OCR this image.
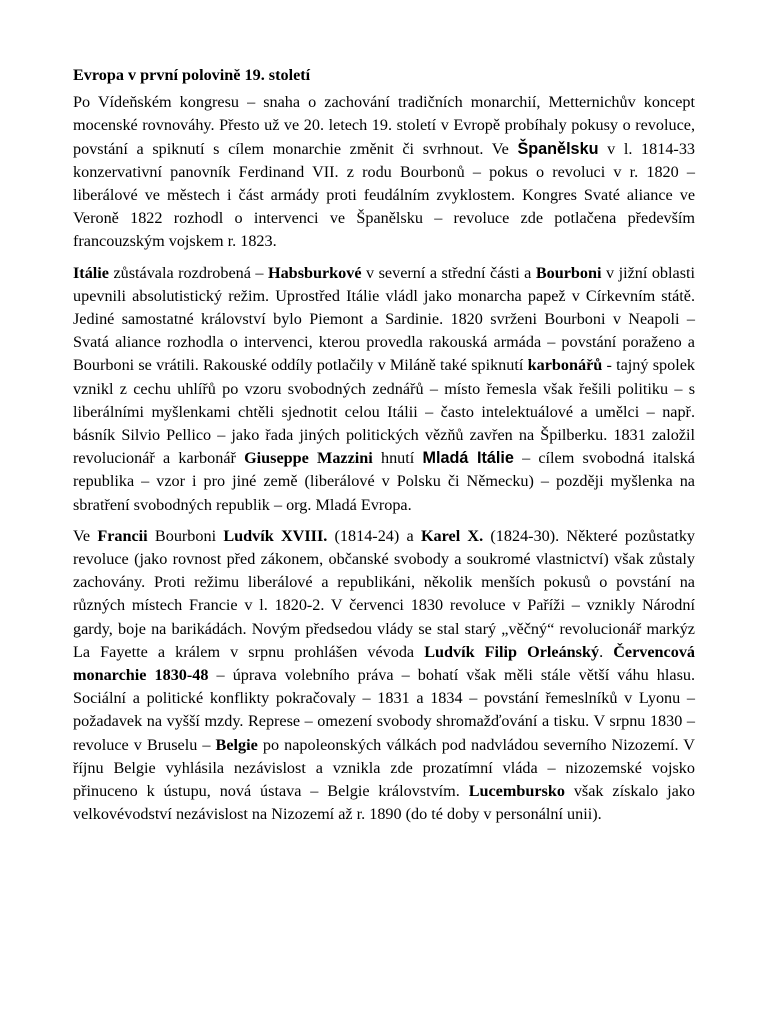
Evropa v první polovině 19. století

Po Vídeňském kongresu – snaha o zachování tradičních monarchií, Metternichův koncept mocenské rovnováhy. Přesto už ve 20. letech 19. století v Evropě probíhaly pokusy o revoluce, povstání a spiknutí s cílem monarchie změnit či svrhnout. Ve Španělsku v l. 1814-33 konzervativní panovník Ferdinand VII. z rodu Bourbonů – pokus o revoluci v r. 1820 – liberálové ve městech i část armády proti feudálním zvyklostem. Kongres Svaté aliance ve Veroně 1822 rozhodl o intervenci ve Španělsku – revoluce zde potlačena především francouzským vojskem r. 1823.

Itálie zůstávala rozdrobená – Habsburkové v severní a střední části a Bourboni v jižní oblasti upevnili absolutistický režim. Uprostřed Itálie vládl jako monarcha papež v Církevním státě. Jediné samostatné království bylo Piemont a Sardinie. 1820 svrženi Bourboni v Neapoli – Svatá aliance rozhodla o intervenci, kterou provedla rakouská armáda – povstání poraženo a Bourboni se vrátili. Rakouské oddíly potlačily v Miláně také spiknutí karbonářů - tajný spolek vznikl z cechu uhlířů po vzoru svobodných zednářů – místo řemesla však řešili politiku – s liberálními myšlenkami chtěli sjednotit celou Itálii – často intelektuálové a umělci – např. básník Silvio Pellico – jako řada jiných politických vězňů zavřen na Špilberku. 1831 založil revolucionář a karbonář Giuseppe Mazzini hnutí Mladá Itálie – cílem svobodná italská republika – vzor i pro jiné země (liberálové v Polsku či Německu) – později myšlenka na sbratření svobodných republik – org. Mladá Evropa.

Ve Francii Bourboni Ludvík XVIII. (1814-24) a Karel X. (1824-30). Některé pozůstatky revoluce (jako rovnost před zákonem, občanské svobody a soukromé vlastnictví) však zůstaly zachovány. Proti režimu liberálové a republikáni, několik menších pokusů o povstání na různých místech Francie v l. 1820-2. V červenci 1830 revoluce v Paříži – vznikly Národní gardy, boje na barikádách. Novým předsedou vlády se stal starý „věčný“ revolucionář markýz La Fayette a králem v srpnu prohlášen vévoda Ludvík Filip Orleánský. Červencová monarchie 1830-48 – úprava volebního práva – bohatí však měli stále větší váhu hlasu. Sociální a politické konflikty pokračovaly – 1831 a 1834 – povstání řemeslníků v Lyonu – požadavek na vyšší mzdy. Represe – omezení svobody shromažďování a tisku. V srpnu 1830 – revoluce v Bruselu – Belgie po napoleonských válkách pod nadvládou severního Nizozemí. V říjnu Belgie vyhlásila nezávislost a vznikla zde prozatímní vláda – nizozemské vojsko přinuceno k ústupu, nová ústava – Belgie královstvím. Lucembursko však získalo jako velkovévodství nezávislost na Nizozemí až r. 1890 (do té doby v personální unii).
